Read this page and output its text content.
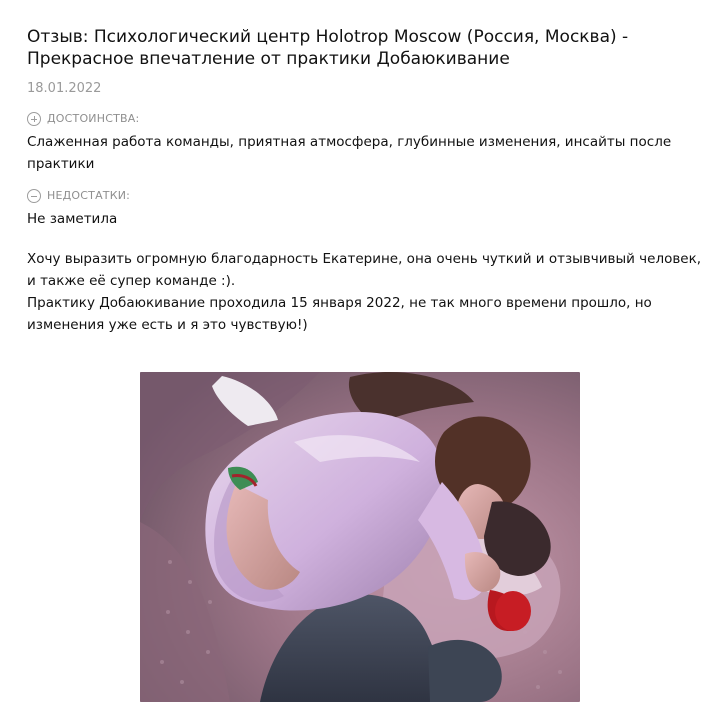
Отзыв: Психологический центр Holotrop Moscow (Россия, Москва) - Прекрасное впечатление от практики Добаюкивание
18.01.2022
ДОСТОИНСТВА:
Слаженная работа команды, приятная атмосфера, глубинные изменения, инсайты после практики
НЕДОСТАТКИ:
Не заметила

Хочу выразить огромную благодарность Екатерине, она очень чуткий и отзывчивый человек, и также её супер команде :).

Практику Добаюкивание проходила 15 января 2022, не так много времени прошло, но изменения уже есть и я это чувствую!)
